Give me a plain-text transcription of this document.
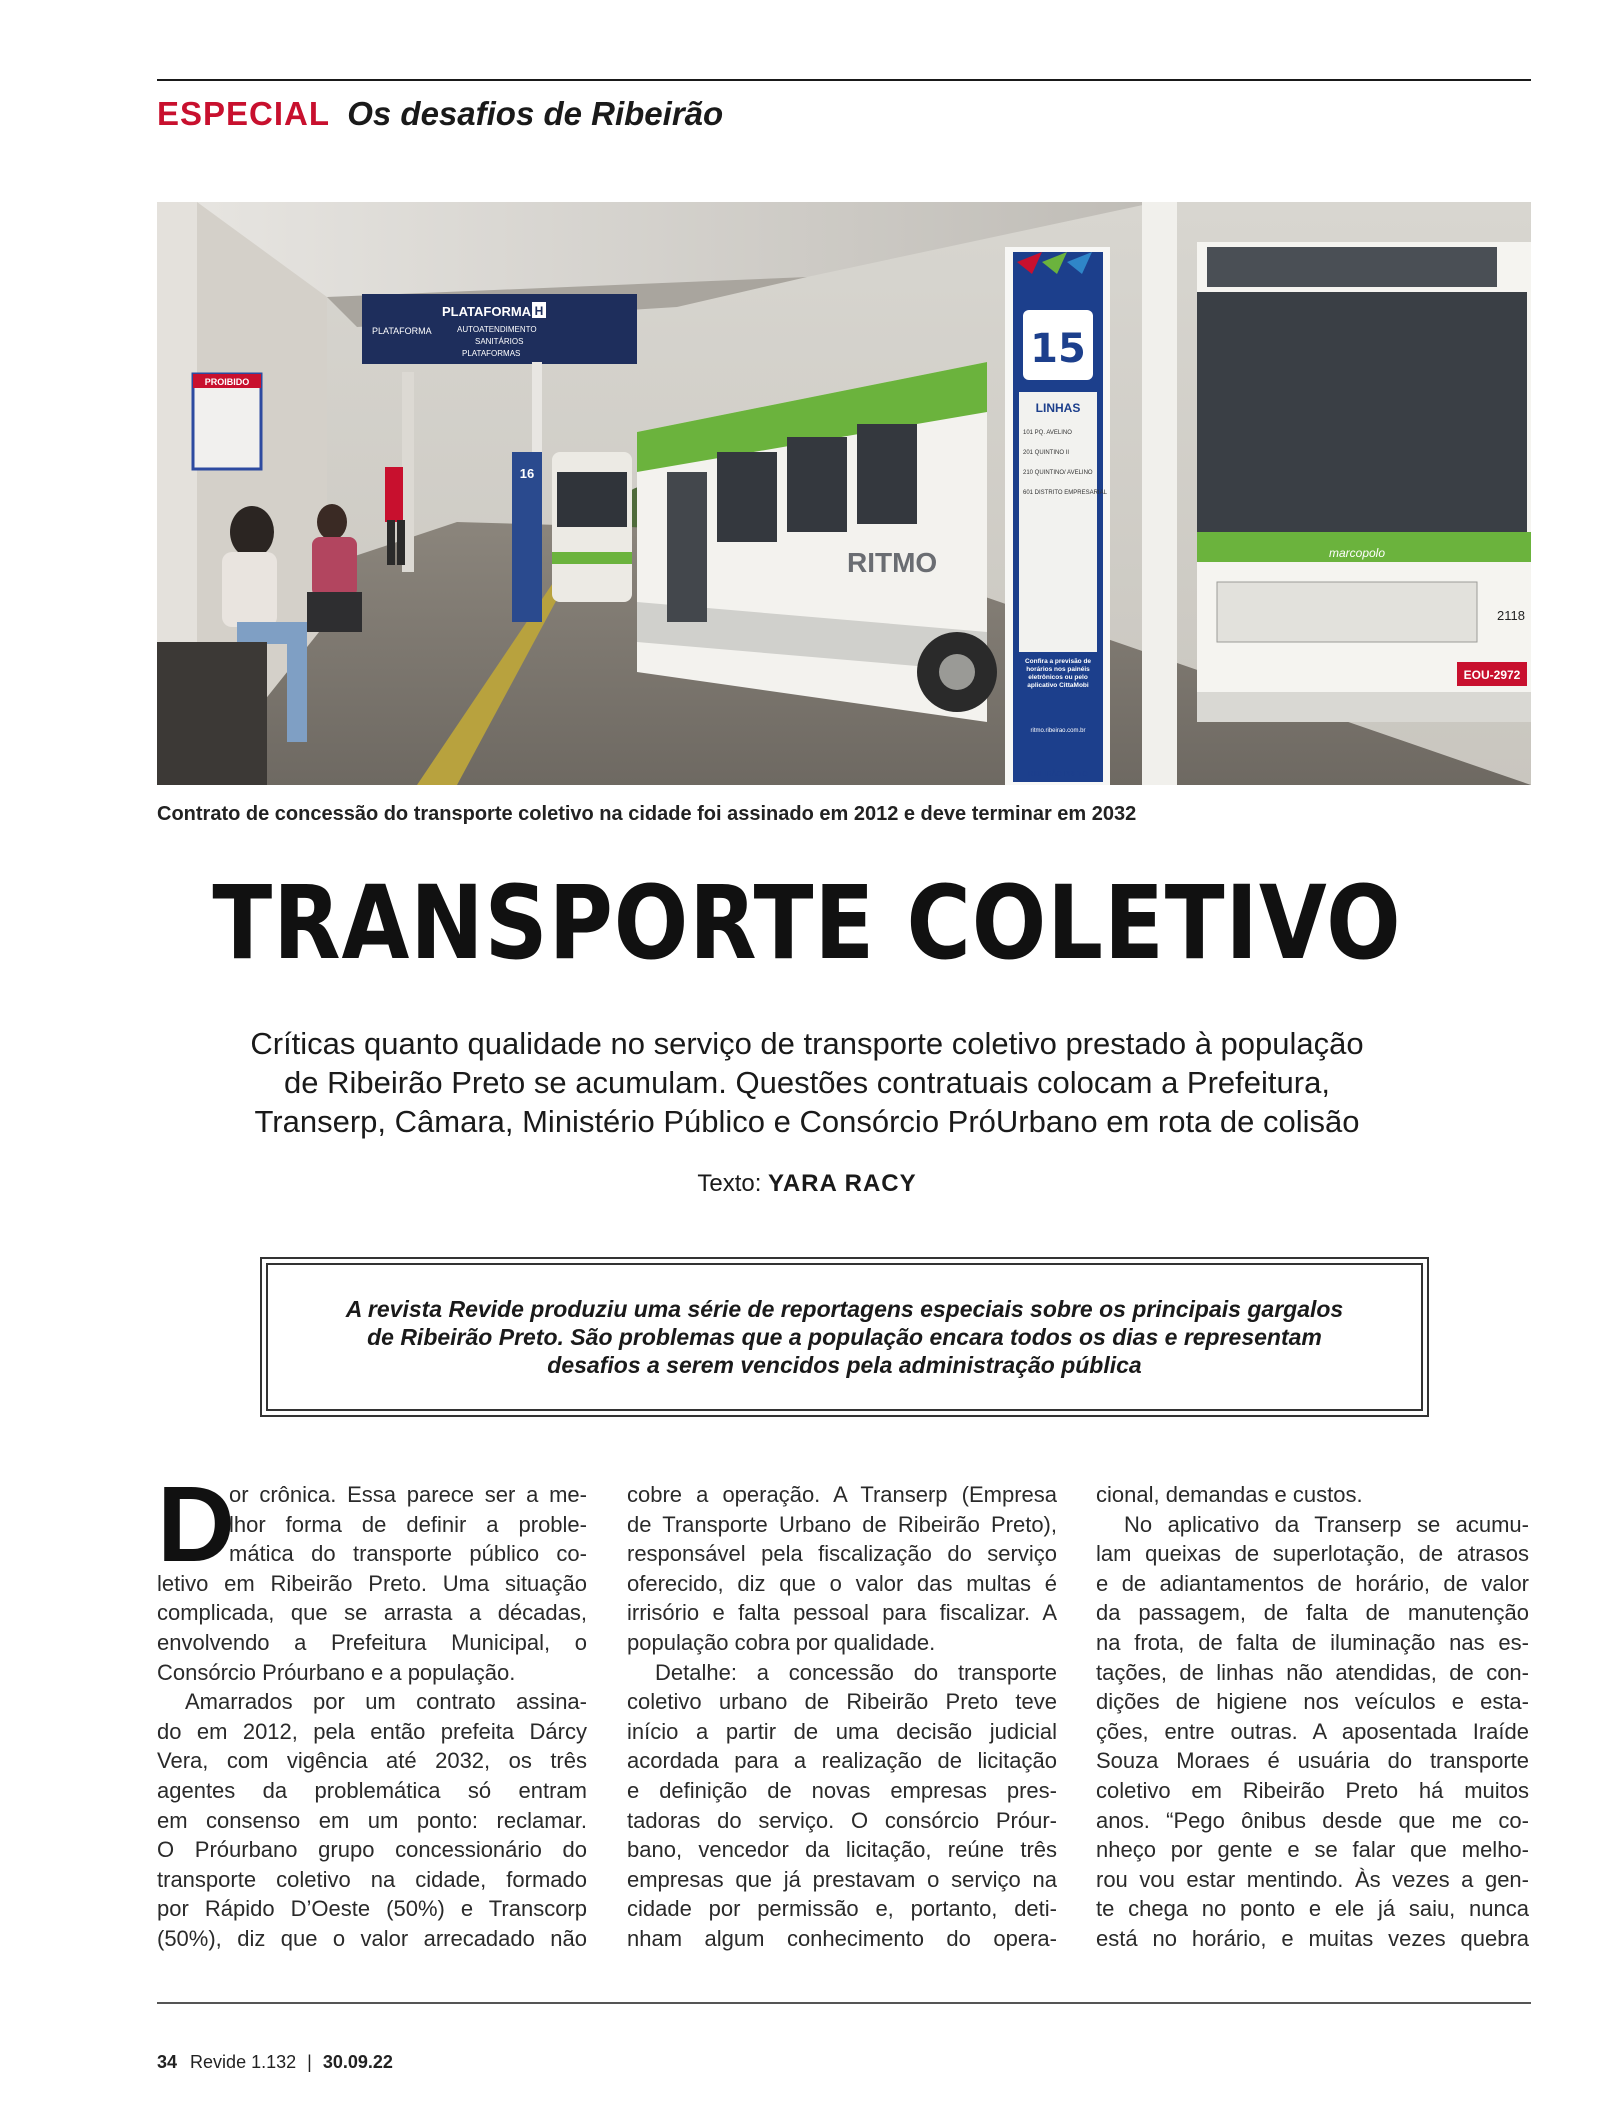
ESPECIAL Os desafios de Ribeirão
PROIBIDO
PLATAFORMA H
PLATAFORMA	AUTOATENDIMENTO
SANITÁRIOS
PLATAFORMAS
16
RITMO	marcopolo
2118
EOU-2972
15
LINHAS
101 PQ. AVELINO
201 QUINTINO II
210 QUINTINO/ AVELINO
601 DISTRITO EMPRESARIAL
Confira a previsão de horários nos painéis eletrônicos ou pelo aplicativo CittaMobi
ritmo.ribeirao.com.br
RIBEIRÃO PRETO
Contrato de concessão do transporte coletivo na cidade foi assinado em 2012 e deve terminar em 2032
TRANSPORTE COLETIVO
Críticas quanto qualidade no serviço de transporte coletivo prestado à população
de Ribeirão Preto se acumulam. Questões contratuais colocam a Prefeitura,
Transerp, Câmara, Ministério Público e Consórcio PróUrbano em rota de colisão
Texto: YARA RACY
A revista Revide produziu uma série de reportagens especiais sobre os principais gargalos
de Ribeirão Preto. São problemas que a população encara todos os dias e representam
desafios a serem vencidos pela administração pública
D
or crônica. Essa parece ser a me-
lhor forma de definir a proble-
mática do transporte público co-
letivo em Ribeirão Preto. Uma situação
complicada, que se arrasta a décadas,
envolvendo a Prefeitura Municipal, o
Consórcio Próurbano e a população.
Amarrados por um contrato assina-
do em 2012, pela então prefeita Dárcy
Vera, com vigência até 2032, os três
agentes da problemática só entram
em consenso em um ponto: reclamar.
O Próurbano grupo concessionário do
transporte coletivo na cidade, formado
por Rápido D’Oeste (50%) e Transcorp
(50%), diz que o valor arrecadado não
cobre a operação. A Transerp (Empresa
de Transporte Urbano de Ribeirão Preto),
responsável pela fiscalização do serviço
oferecido, diz que o valor das multas é
irrisório e falta pessoal para fiscalizar. A
população cobra por qualidade.
Detalhe: a concessão do transporte
coletivo urbano de Ribeirão Preto teve
início a partir de uma decisão judicial
acordada para a realização de licitação
e definição de novas empresas pres-
tadoras do serviço. O consórcio Próur-
bano, vencedor da licitação, reúne três
empresas que já prestavam o serviço na
cidade por permissão e, portanto, deti-
nham algum conhecimento do opera-
cional, demandas e custos.
No aplicativo da Transerp se acumu-
lam queixas de superlotação, de atrasos
e de adiantamentos de horário, de valor
da passagem, de falta de manutenção
na frota, de falta de iluminação nas es-
tações, de linhas não atendidas, de con-
dições de higiene nos veículos e esta-
ções, entre outras. A aposentada Iraíde
Souza Moraes é usuária do transporte
coletivo em Ribeirão Preto há muitos
anos. “Pego ônibus desde que me co-
nheço por gente e se falar que melho-
rou vou estar mentindo. Às vezes a gen-
te chega no ponto e ele já saiu, nunca
está no horário, e muitas vezes quebra
34 Revide 1.132 | 30.09.22
